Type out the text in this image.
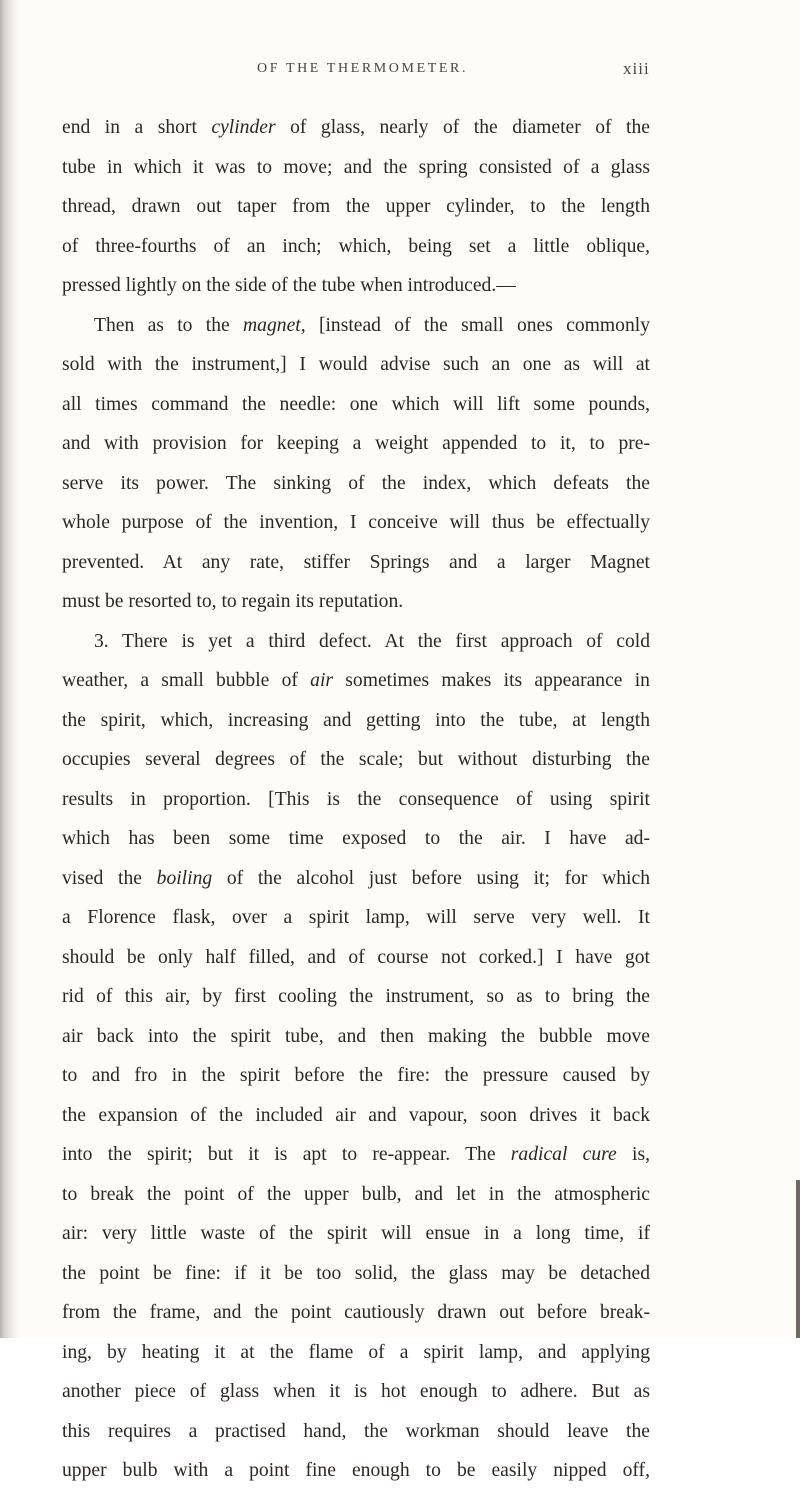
OF THE THERMOMETER.	xiii
end in a short cylinder of glass, nearly of the diameter of the
tube in which it was to move; and the spring consisted of a glass
thread, drawn out taper from the upper cylinder, to the length
of three-fourths of an inch; which, being set a little oblique,
pressed lightly on the side of the tube when introduced.—
Then as to the magnet, [instead of the small ones commonly
sold with the instrument,] I would advise such an one as will at
all times command the needle: one which will lift some pounds,
and with provision for keeping a weight appended to it, to pre-
serve its power. The sinking of the index, which defeats the
whole purpose of the invention, I conceive will thus be effectually
prevented. At any rate, stiffer Springs and a larger Magnet
must be resorted to, to regain its reputation.
3. There is yet a third defect. At the first approach of cold
weather, a small bubble of air sometimes makes its appearance in
the spirit, which, increasing and getting into the tube, at length
occupies several degrees of the scale; but without disturbing the
results in proportion. [This is the consequence of using spirit
which has been some time exposed to the air. I have ad-
vised the boiling of the alcohol just before using it; for which
a Florence flask, over a spirit lamp, will serve very well. It
should be only half filled, and of course not corked.] I have got
rid of this air, by first cooling the instrument, so as to bring the
air back into the spirit tube, and then making the bubble move
to and fro in the spirit before the fire: the pressure caused by
the expansion of the included air and vapour, soon drives it back
into the spirit; but it is apt to re-appear. The radical cure is,
to break the point of the upper bulb, and let in the atmospheric
air: very little waste of the spirit will ensue in a long time, if
the point be fine: if it be too solid, the glass may be detached
from the frame, and the point cautiously drawn out before break-
ing, by heating it at the flame of a spirit lamp, and applying
another piece of glass when it is hot enough to adhere. But as
this requires a practised hand, the workman should leave the
upper bulb with a point fine enough to be easily nipped off,
